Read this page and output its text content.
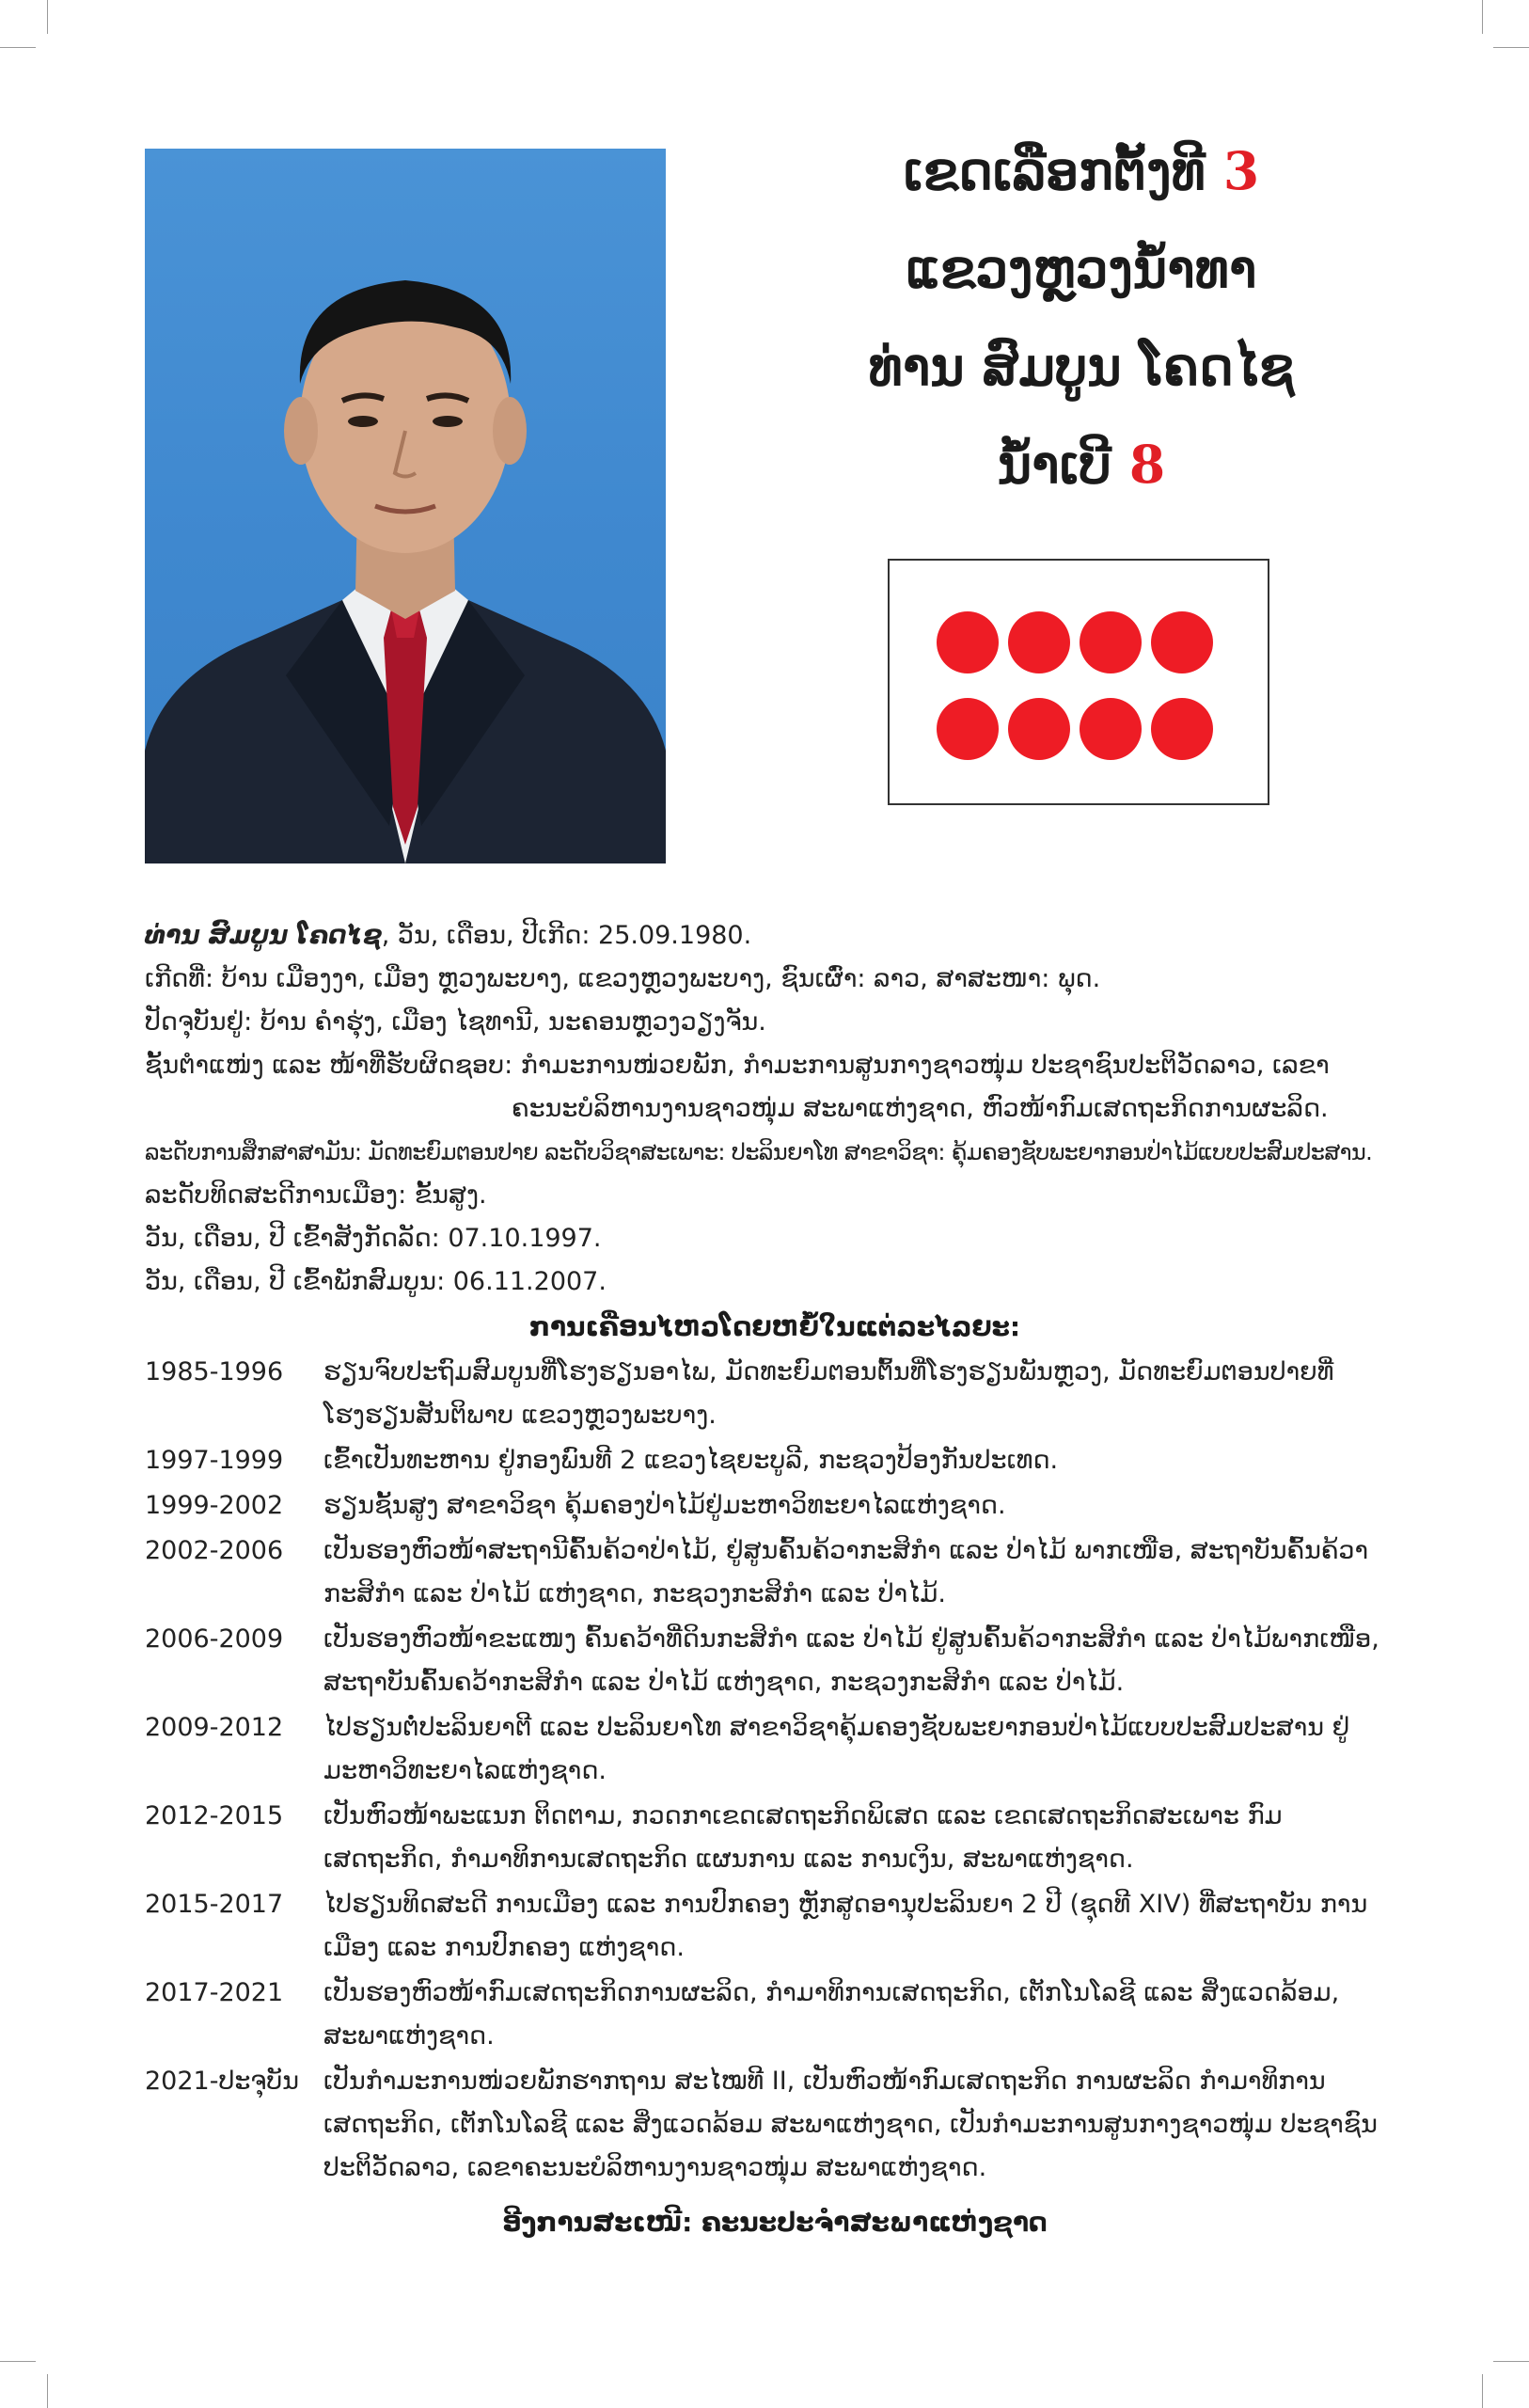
ເຂດເລືອກຕັ້ງທີ
3
ແຂວງຫຼວງນ້ຳທາ
ທ່ານ ສົມບູນ ໂຄດໄຊ
ນ້ຳເບີ
8
ທ່ານ ສົມບູນ ໂຄດໄຊ, ວັນ, ເດືອນ, ປີເກີດ: 25.09.1980.
ເກີດທີ່: ບ້ານ ເມືອງງາ, ເມືອງ ຫຼວງພະບາງ, ແຂວງຫຼວງພະບາງ, ຊົນເຜົ່າ: ລາວ, ສາສະໜາ: ພຸດ.
ປັດຈຸບັນຢູ່: ບ້ານ ຄຳຮຸ່ງ, ເມືອງ ໄຊທານີ, ນະຄອນຫຼວງວຽງຈັນ.
ຊັ້ນຕຳແໜ່ງ ແລະ ໜ້າທີ່ຮັບຜິດຊອບ: ກຳມະການໜ່ວຍພັກ, ກຳມະການສູນກາງຊາວໜຸ່ມ ປະຊາຊົນປະຕິວັດລາວ, ເລຂາ
ຄະນະບໍລິຫານງານຊາວໜຸ່ມ ສະພາແຫ່ງຊາດ, ຫົວໜ້າກົມເສດຖະກິດການຜະລິດ.
ລະດັບການສຶກສາສາມັນ: ມັດທະຍົມຕອນປາຍ ລະດັບວິຊາສະເພາະ: ປະລິນຍາໂທ ສາຂາວິຊາ: ຄຸ້ມຄອງຊັບພະຍາກອນປ່າໄມ້ແບບປະສົມປະສານ.
ລະດັບທິດສະດີການເມືອງ: ຂັ້ນສູງ.
ວັນ, ເດືອນ, ປີ ເຂົ້າສັງກັດລັດ: 07.10.1997.
ວັນ, ເດືອນ, ປີ ເຂົ້າພັກສົມບູນ: 06.11.2007.
ການເຄື່ອນໄຫວໂດຍຫຍໍ້ໃນແຕ່ລະໄລຍະ:
1985-1996	ຮຽນຈົບປະຖົມສົມບູນທີ່ໂຮງຮຽນອາໄພ, ມັດທະຍົມຕອນຕົ້ນທີ່ໂຮງຮຽນພັນຫຼວງ, ມັດທະຍົມຕອນປາຍທີ່ ໂຮງຮຽນສັນຕິພາບ ແຂວງຫຼວງພະບາງ.
1997-1999	ເຂົ້າເປັນທະຫານ ຢູ່ກອງພົນທີ 2 ແຂວງໄຊຍະບູລີ, ກະຊວງປ້ອງກັນປະເທດ.
1999-2002	ຮຽນຊັ້ນສູງ ສາຂາວິຊາ ຄຸ້ມຄອງປ່າໄມ້ຢູ່ມະຫາວິທະຍາໄລແຫ່ງຊາດ.
2002-2006	ເປັນຮອງຫົວໜ້າສະຖານີຄົ້ນຄ້ວາປ່າໄມ້, ຢູ່ສູນຄົ້ນຄ້ວາກະສິກຳ ແລະ ປ່າໄມ້ ພາກເໜືອ, ສະຖາບັນຄົ້ນຄ້ວາ ກະສິກຳ ແລະ ປ່າໄມ້ ແຫ່ງຊາດ, ກະຊວງກະສິກຳ ແລະ ປ່າໄມ້.
2006-2009	ເປັນຮອງຫົວໜ້າຂະແໜງ ຄົ້ນຄວ້າທີ່ດິນກະສິກຳ ແລະ ປ່າໄມ້ ຢູ່ສູນຄົ້ນຄ້ວາກະສິກຳ ແລະ ປ່າໄມ້ພາກເໜືອ, ສະຖາບັນຄົ້ນຄວ້າກະສິກຳ ແລະ ປ່າໄມ້ ແຫ່ງຊາດ, ກະຊວງກະສິກຳ ແລະ ປ່າໄມ້.
2009-2012	ໄປຮຽນຕໍ່ປະລິນຍາຕີ ແລະ ປະລິນຍາໂທ ສາຂາວິຊາຄຸ້ມຄອງຊັບພະຍາກອນປ່າໄມ້ແບບປະສົມປະສານ ຢູ່ ມະຫາວິທະຍາໄລແຫ່ງຊາດ.
2012-2015	ເປັນຫົວໜ້າພະແນກ ຕິດຕາມ, ກວດກາເຂດເສດຖະກິດພິເສດ ແລະ ເຂດເສດຖະກິດສະເພາະ ກົມ ເສດຖະກິດ, ກຳມາທິການເສດຖະກິດ ແຜນການ ແລະ ການເງິນ, ສະພາແຫ່ງຊາດ.
2015-2017	ໄປຮຽນທິດສະດີ ການເມືອງ ແລະ ການປົກຄອງ ຫຼັກສູດອານຸປະລິນຍາ 2 ປີ (ຊຸດທີ XIV) ທີ່ສະຖາບັນ ການເມືອງ ແລະ ການປົກຄອງ ແຫ່ງຊາດ.
2017-2021	ເປັນຮອງຫົວໜ້າກົມເສດຖະກິດການຜະລິດ, ກຳມາທິການເສດຖະກິດ, ເຕັກໂນໂລຊີ ແລະ ສິ່ງແວດລ້ອມ, ສະພາແຫ່ງຊາດ.
2021-ປະຈຸບັນ ເປັນກຳມະການໜ່ວຍພັກຮາກຖານ ສະໄໝທີ II, ເປັນຫົວໜ້າກົມເສດຖະກິດ ການຜະລິດ ກຳມາທິການ ເສດຖະກິດ, ເຕັກໂນໂລຊີ ແລະ ສິ່ງແວດລ້ອມ ສະພາແຫ່ງຊາດ, ເປັນກຳມະການສູນກາງຊາວໜຸ່ມ ປະຊາຊົນ ປະຕິວັດລາວ, ເລຂາຄະນະບໍລິຫານງານຊາວໜຸ່ມ ສະພາແຫ່ງຊາດ.
ອີງການສະເໜີ: ຄະນະປະຈຳສະພາແຫ່ງຊາດ
